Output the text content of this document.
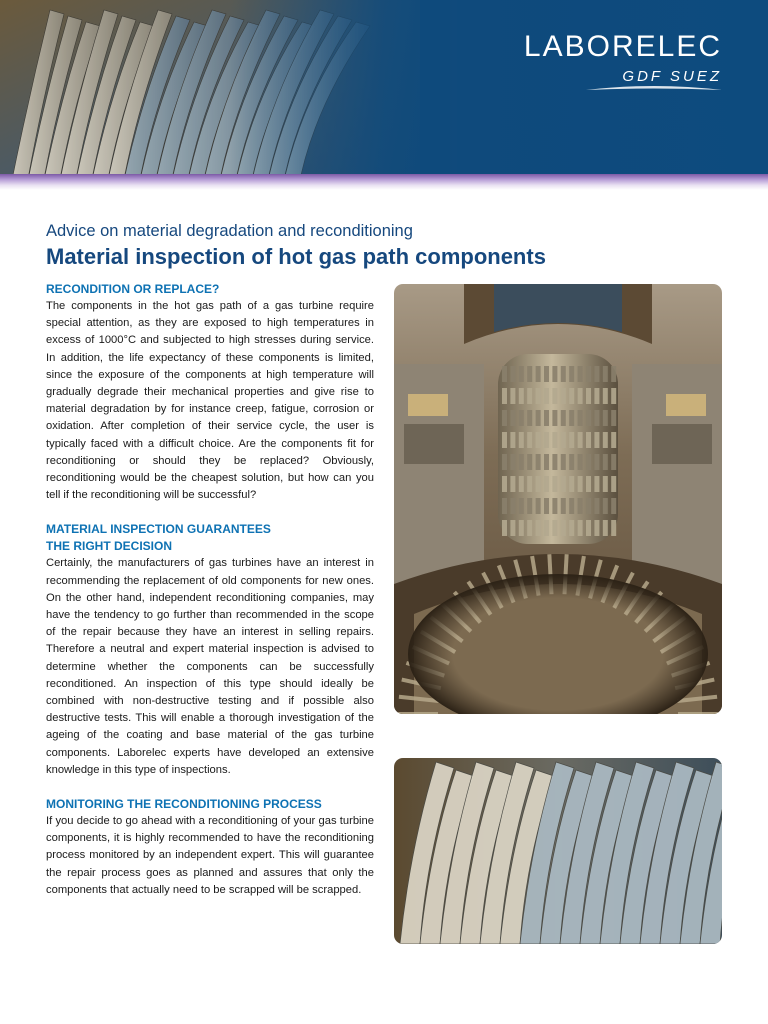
LABORELEC
GDF SUEZ
Advice on material degradation and reconditioning
Material inspection of hot gas path components
RECONDITION OR REPLACE?

The components in the hot gas path of a gas turbine require special attention, as they are exposed to high temperatures in excess of 1000°C and subjected to high stresses during service. In addition, the life expectancy of these components is limited, since the exposure of the components at high temperature will gradually degrade their mechanical properties and give rise to material degradation by for instance creep, fatigue, corrosion or oxidation. After completion of their service cycle, the user is typically faced with a difficult choice. Are the components fit for reconditioning or should they be replaced? Obviously, reconditioning would be the cheapest solution, but how can you tell if the reconditioning will be successful?

MATERIAL INSPECTION GUARANTEES
THE RIGHT DECISION

Certainly, the manufacturers of gas turbines have an interest in recommending the replacement of old components for new ones. On the other hand, independent reconditioning companies, may have the tendency to go further than recommended in the scope of the repair because they have an interest in selling repairs. Therefore a neutral and expert material inspection is advised to determine whether the components can be successfully reconditioned. An inspection of this type should ideally be combined with non-destructive testing and if possible also destructive tests. This will enable a thorough investigation of the ageing of the coating and base material of the gas turbine components. Laborelec experts have developed an extensive knowledge in this type of inspections.

MONITORING THE RECONDITIONING PROCESS

If you decide to go ahead with a reconditioning of your gas turbine components, it is highly recommended to have the reconditioning process monitored by an independent expert. This will guarantee the repair process goes as planned and assures that only the components that actually need to be scrapped will be scrapped.
